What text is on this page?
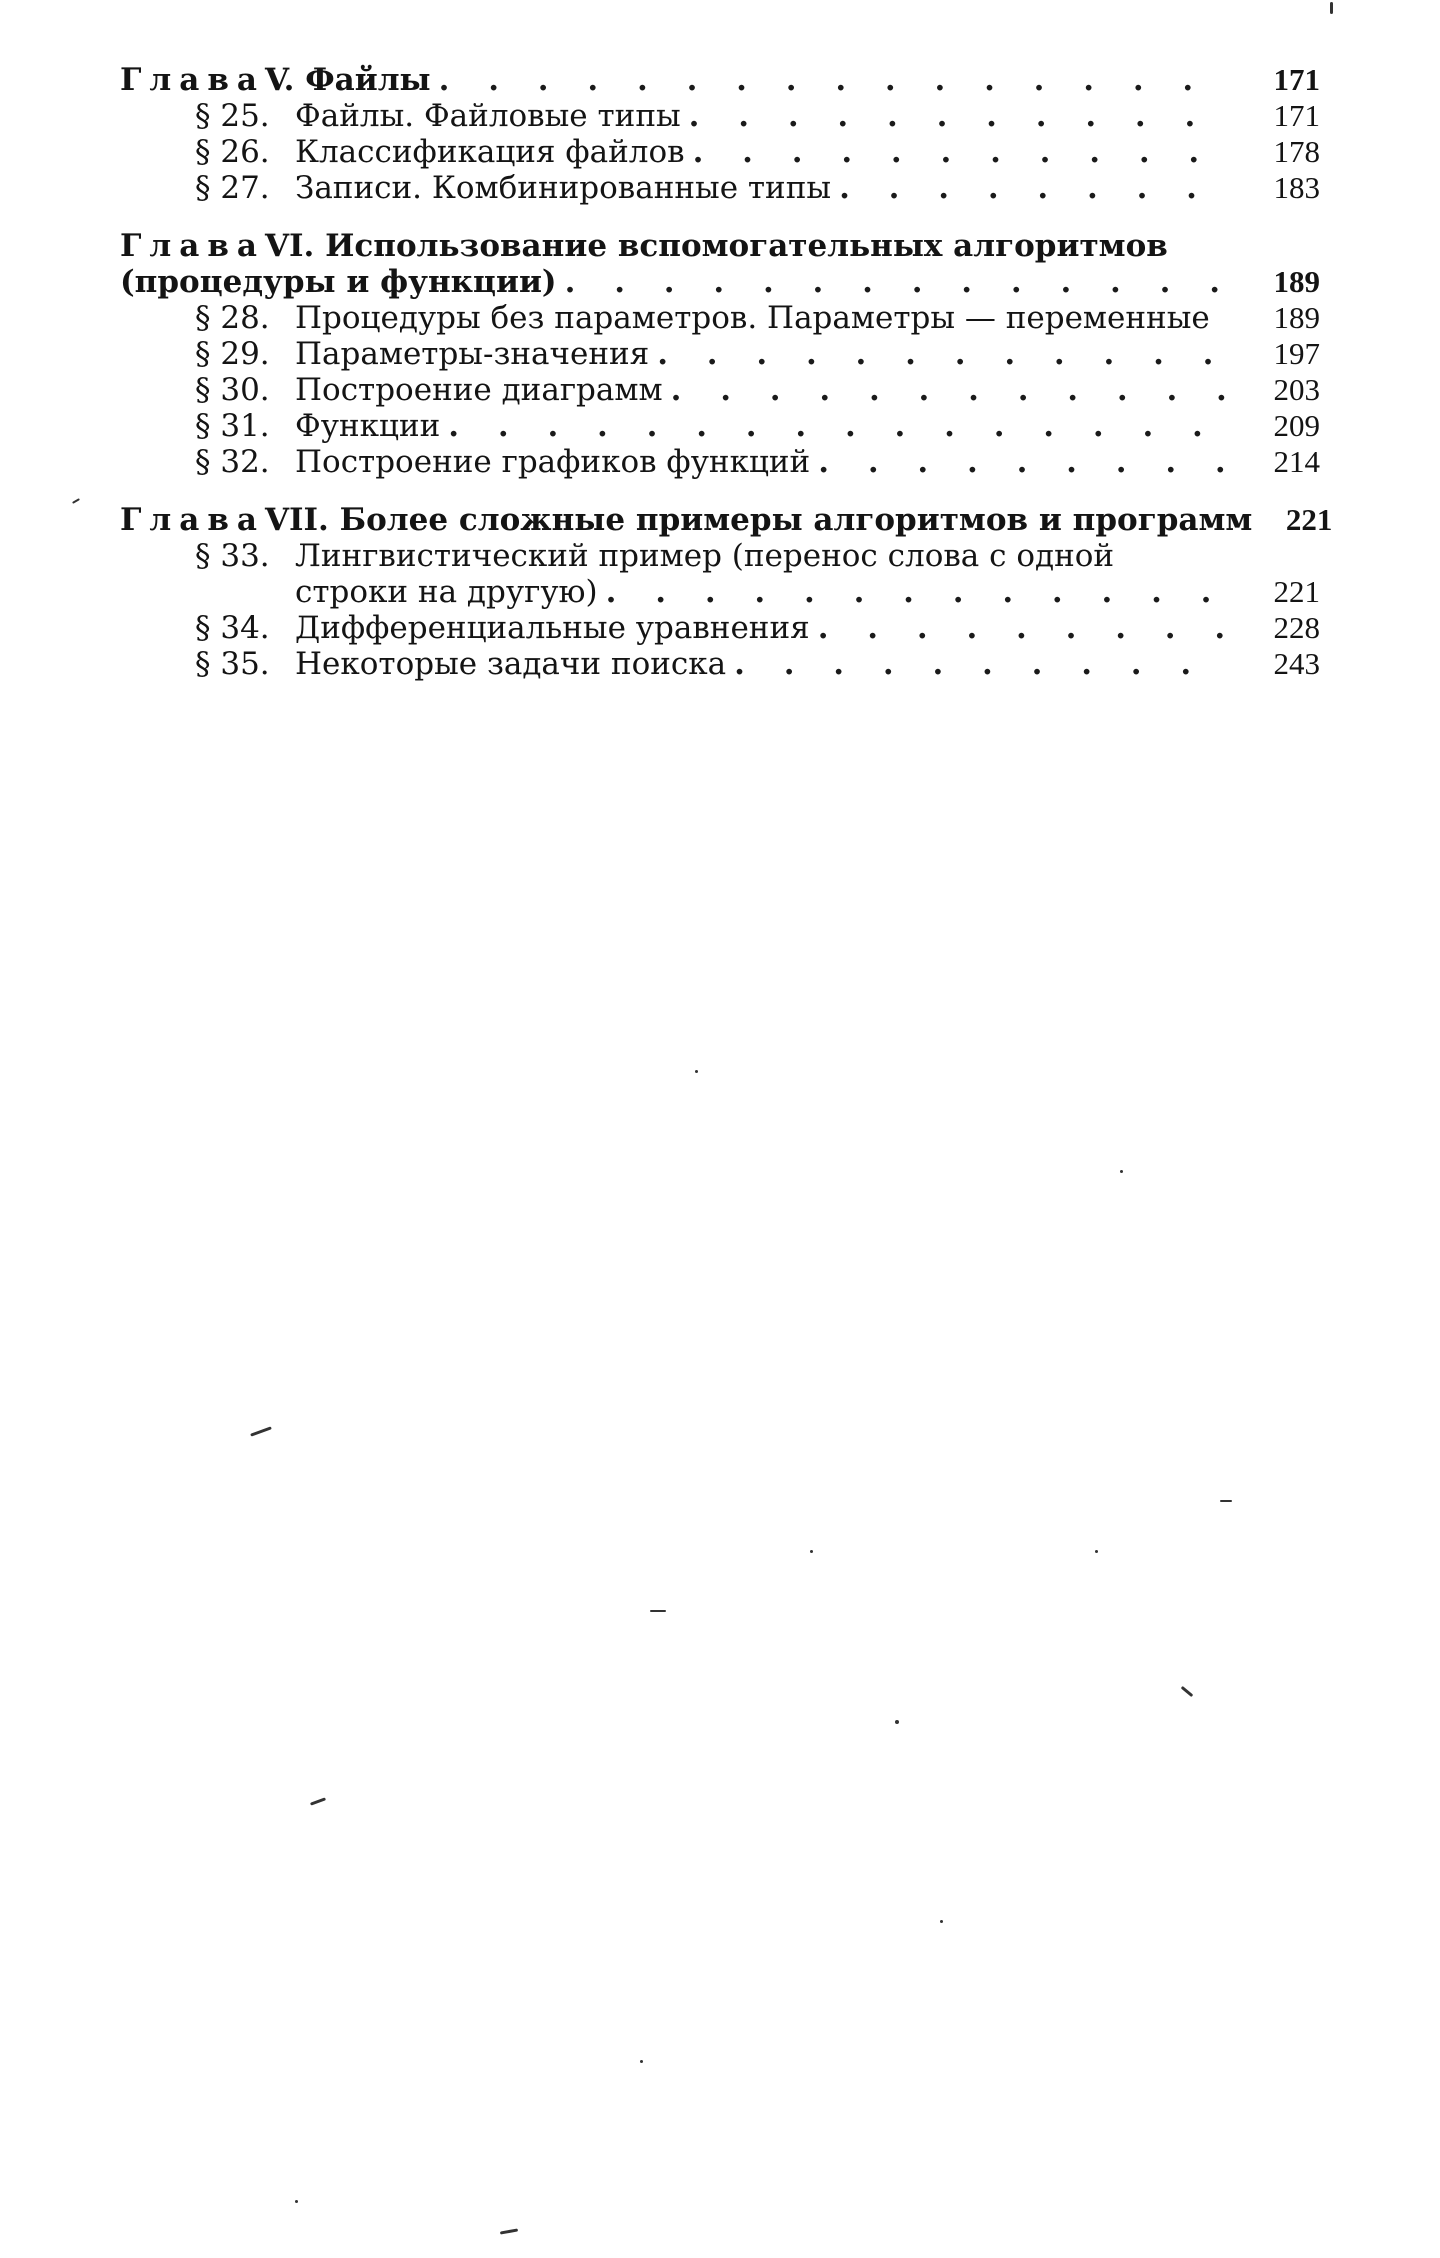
Глава V. Файлы . . .	171
§ 25. Файлы. Файловые типы . . .	171
§ 26. Классификация файлов . . .	178
§ 27. Записи. Комбинированные типы . . .	183
Глава VI. Использование вспомогательных алгоритмов
(процедуры и функции) . . .	189
§ 28. Процедуры без параметров. Параметры — переменные	189
§ 29. Параметры-значения . . .	197
§ 30. Построение диаграмм . . .	203
§ 31. Функции . . .	209
§ 32. Построение графиков функций . . .	214
Глава VII. Более сложные примеры алгоритмов и программ	221
§ 33. Лингвистический пример (перенос слова с одной
строки на другую) . . .	221
§ 34. Дифференциальные уравнения . . .	228
§ 35. Некоторые задачи поиска . . .	243
